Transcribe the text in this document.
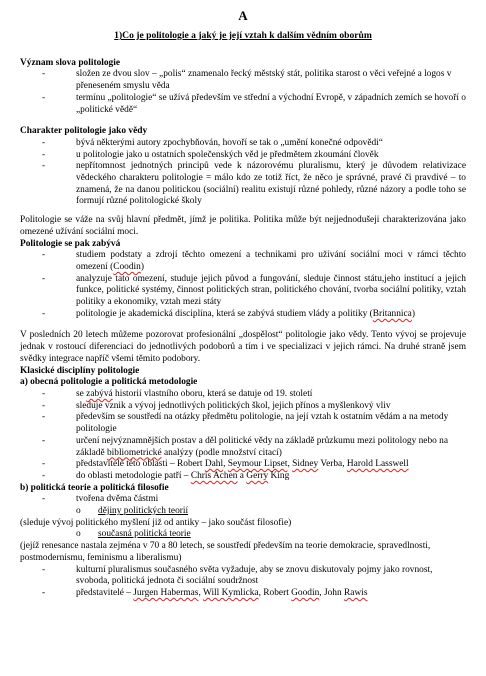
A
1)Co je politologie a jaký je její vztah k dalším vědním oborům
Význam slova politologie
- složen ze dvou slov – „polis“ znamenalo řecký městský stát, politika starost o věci veřejné a logos v přeneseném smyslu věda
- termínu „politologie“ se užívá především ve střední a východní Evropě, v západních zemích se hovoří o „politické vědě“
Charakter politologie jako vědy
- bývá některými autory zpochybňován, hovoří se tak o „umění konečné odpovědi“
- u politologie jako u ostatních společenských věd je předmětem zkoumání člověk
- nepřítomnost jednotných principů vede k názorovému pluralismu, který je důvodem relativizace vědeckého charakteru politologie = málo kdo ze totiž říct, že něco je správné, pravé či pravdivé – to znamená, že na danou politickou (sociální) realitu existují různé pohledy, různé názory a podle toho se formují různé politologické školy
Politologie se váže na svůj hlavní předmět, jímž je politika. Politika může být nejjednodušeji charakterizována jako omezené užívání sociální moci.
Politologie se pak zabývá
- studiem podstaty a zdrojí těchto omezení a technikami pro užívání sociální moci v rámci těchto omezení (Coodin)
- analyzuje tato omezení, studuje jejich původ a fungování, sleduje činnost státu,jeho institucí a jejich funkce, politické systémy, činnost politických stran, politického chování, tvorba sociální politiky, vztah politiky a ekonomiky, vztah mezi státy
- politologie je akademická disciplína, která se zabývá studiem vlády a politiky (Britannica)
V posledních 20 letech můžeme pozorovat profesionální „dospělost“ politologie jako vědy. Tento vývoj se projevuje jednak v rostoucí diferenciaci do jednotlivých podoborů a tím i ve specializaci v jejich rámci. Na druhé straně jsem svědky integrace napříč všemi těmito podobory.
Klasické disciplíny politologie
a) obecná politologie a politická metodologie
- se zabývá historií vlastního oboru, která se datuje od 19. století
- sleduje vznik a vývoj jednotlivých politických škol, jejich přínos a myšlenkový vliv
- především se soustředí na otázky předmětu politologie, na její vztah k ostatním vědám a na metody politologie
- určení nejvýznamnějších postav a děl politické vědy na základě průzkumu mezi politology nebo na základě bibliometrické analýzy (podle množství citací)
- představitelé této oblasti – Robert Dahl, Seymour Lipset, Sidney Verba, Harold Lasswell
- do oblasti metodologie patří – Chris Achen a Gerry King
b) politická teorie a politická filosofie
- tvořena dvěma částmi
o dějiny politických teorií
(sleduje vývoj politického myšlení již od antiky – jako součást filosofie)
o současná politická teorie
(jejíž renesance nastala zejména v 70 a 80 letech, se soustředí především na teorie demokracie, spravedlnosti, postmodernismu, feminismu a liberalismu)
- kulturní pluralismus současného světa vyžaduje, aby se znovu diskutovaly pojmy jako rovnost, svoboda, politická jednota či sociální soudržnost
- představitelé – Jurgen Habermas, Will Kymlicka, Robert Goodin, John Rawis
